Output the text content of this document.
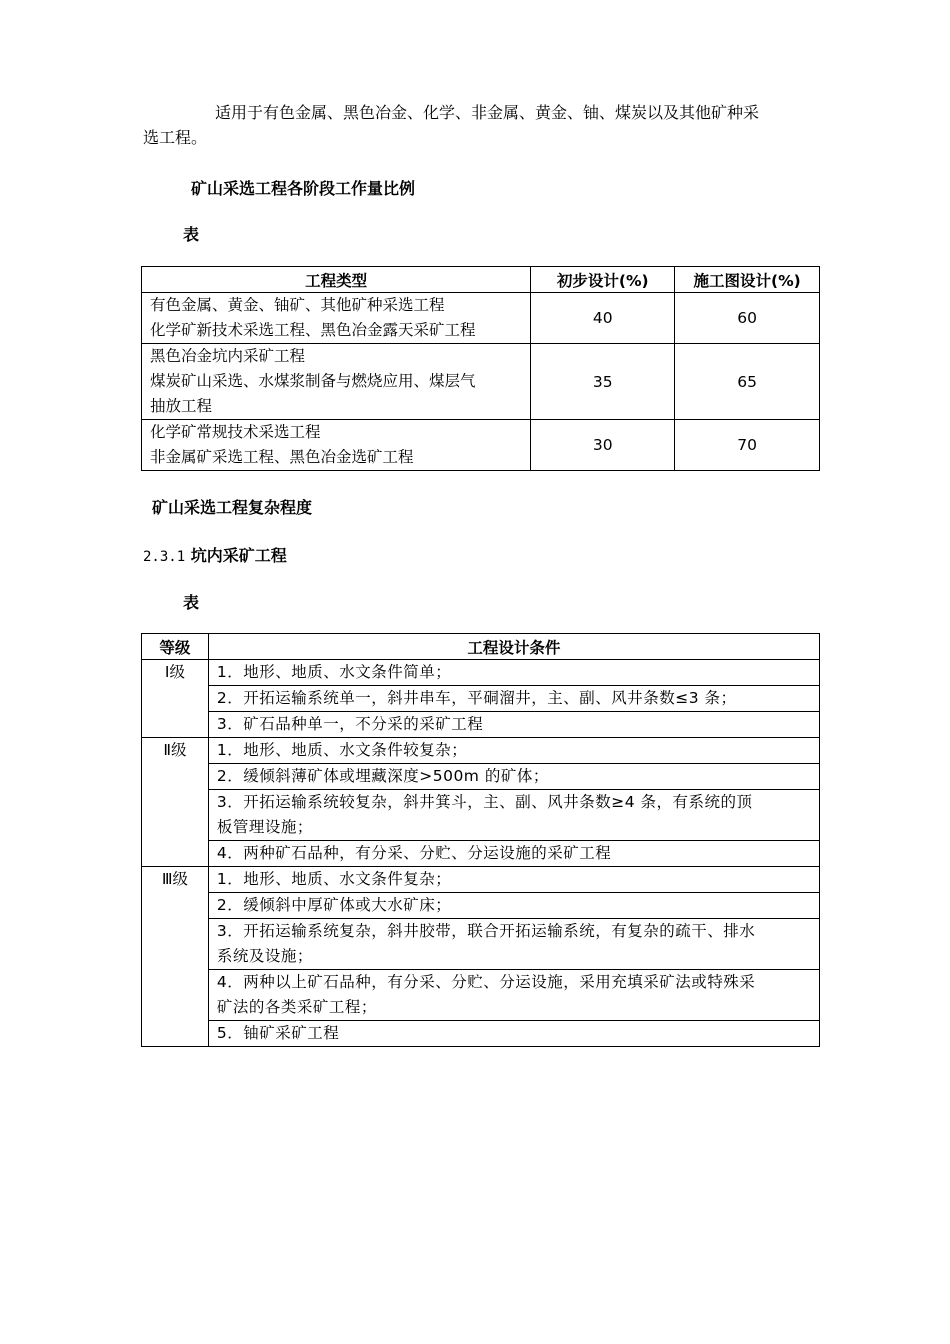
适用于有色金属、黑色冶金、化学、非金属、黄金、铀、煤炭以及其他矿种采
选工程。
矿山采选工程各阶段工作量比例
表
工程类型	初步设计(%)	施工图设计(%)

有色金属、黄金、铀矿、其他矿种采选工程
化学矿新技术采选工程、黑色冶金露天采矿工程	40	60

黑色冶金坑内采矿工程
煤炭矿山采选、水煤浆制备与燃烧应用、煤层气
抽放工程	35	65

化学矿常规技术采选工程
非金属矿采选工程、黑色冶金选矿工程	30	70
矿山采选工程复杂程度
2.3.1 坑内采矿工程
表
等级	工程设计条件
Ⅰ级	1．地形、地质、水文条件简单；

	2．开拓运输系统单一，斜井串车，平硐溜井，主、副、风井条数≤3 条；

	3．矿石品种单一，不分采的采矿工程

Ⅱ级	1．地形、地质、水文条件较复杂；

	2．缓倾斜薄矿体或埋藏深度>500m 的矿体；

	3．开拓运输系统较复杂，斜井箕斗，主、副、风井条数≥4 条，有系统的顶
板管理设施；

	4．两种矿石品种，有分采、分贮、分运设施的采矿工程

Ⅲ级	1．地形、地质、水文条件复杂；

	2．缓倾斜中厚矿体或大水矿床；

	3．开拓运输系统复杂，斜井胶带，联合开拓运输系统，有复杂的疏干、排水
系统及设施；

	4．两种以上矿石品种，有分采、分贮、分运设施，采用充填采矿法或特殊采
矿法的各类采矿工程；

	5．铀矿采矿工程
